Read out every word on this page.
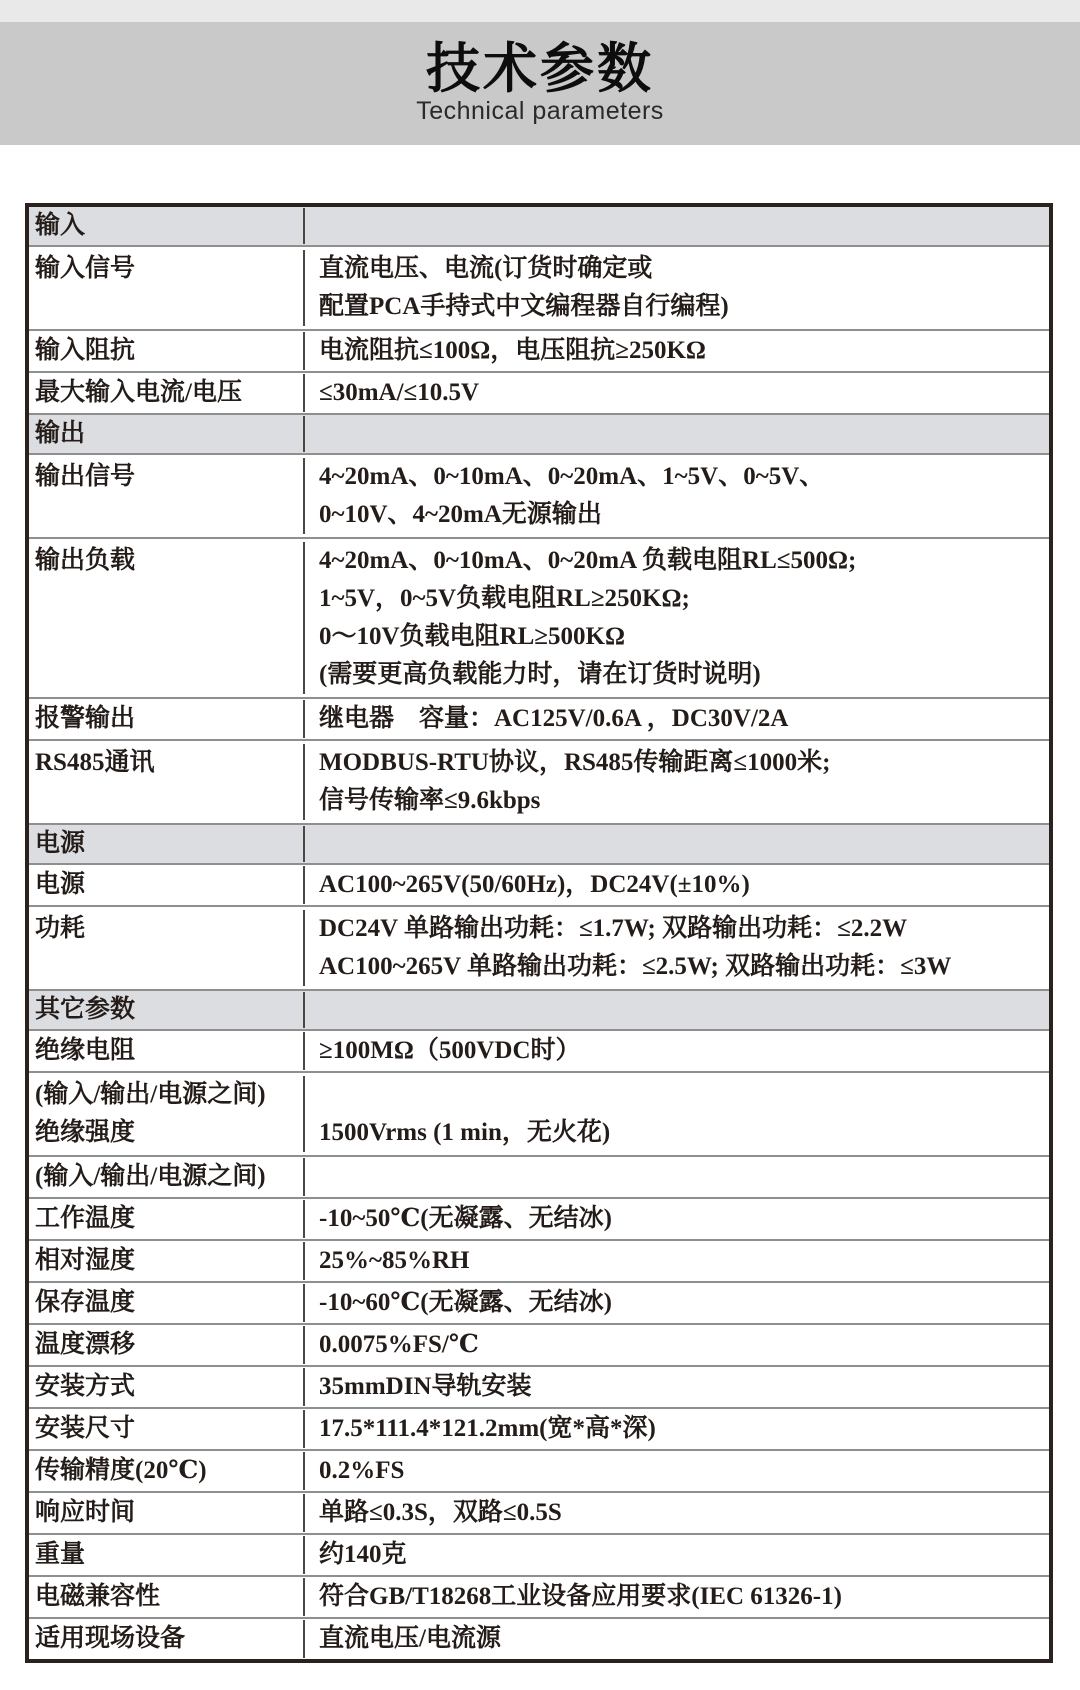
技术参数
Technical parameters
输入
输入信号	直流电压、电流(订货时确定或
配置PCA手持式中文编程器自行编程)
输入阻抗	电流阻抗≤100Ω，电压阻抗≥250KΩ
最大输入电流/电压	≤30mA/≤10.5V
输出
输出信号	4~20mA、0~10mA、0~20mA、1~5V、0~5V、
0~10V、4~20mA无源输出
输出负载	4~20mA、0~10mA、0~20mA 负载电阻RL≤500Ω;
1~5V，0~5V负载电阻RL≥250KΩ;
0～10V负载电阻RL≥500KΩ
(需要更高负载能力时，请在订货时说明)
报警输出	继电器　容量：AC125V/0.6A ，DC30V/2A
RS485通讯	MODBUS-RTU协议，RS485传输距离≤1000米;
信号传输率≤9.6kbps
电源
电源	AC100~265V(50/60Hz)，DC24V(±10%)
功耗	DC24V 单路输出功耗：≤1.7W; 双路输出功耗：≤2.2W
AC100~265V 单路输出功耗：≤2.5W; 双路输出功耗：≤3W
其它参数
绝缘电阻	≥100MΩ（500VDC时）
(输入/输出/电源之间)
绝缘强度	1500Vrms (1 min，无火花)
(输入/输出/电源之间)
工作温度	-10~50℃(无凝露、无结冰)
相对湿度	25%~85%RH
保存温度	-10~60℃(无凝露、无结冰)
温度漂移	0.0075%FS/℃
安装方式	35mmDIN导轨安装
安装尺寸	17.5*111.4*121.2mm(宽*高*深)
传输精度(20℃)	0.2%FS
响应时间	单路≤0.3S，双路≤0.5S
重量	约140克
电磁兼容性	符合GB/T18268工业设备应用要求(IEC 61326-1)
适用现场设备	直流电压/电流源
